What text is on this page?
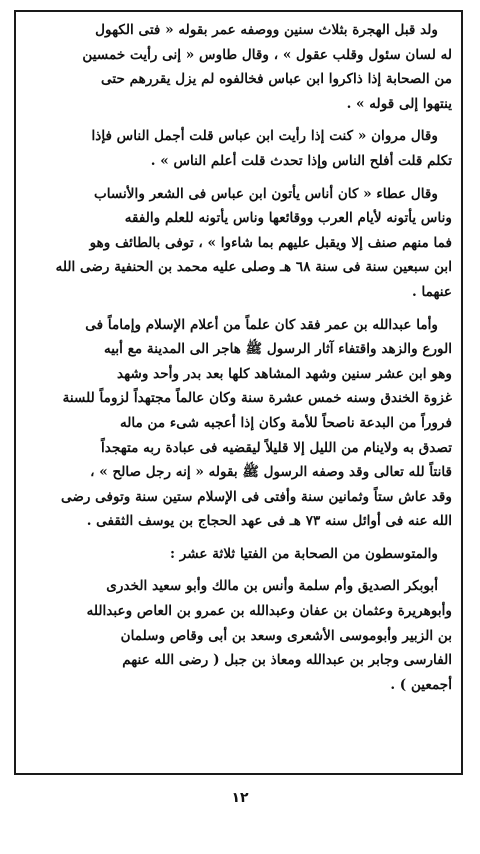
ولد قبل الهجرة بثلاث سنين ووصفه عمر بقوله « فتى الكهول
له لسان سئول وقلب عقول » ، وقال طاوس « إنى رأيت خمسين
من الصحابة إذا ذاكروا ابن عباس فخالفوه لم يزل يقررهم حتى
ينتهوا إلى قوله » .

وقال مروان « كنت إذا رأيت ابن عباس قلت أجمل الناس فإذا
تكلم قلت أفلح الناس وإذا تحدث قلت أعلم الناس » .

وقال عطاء « كان أناس يأتون ابن عباس فى الشعر والأنساب
وناس يأتونه لأيام العرب ووقائعها وناس يأتونه للعلم والفقه
فما منهم صنف إلا ويقبل عليهم بما شاءوا » ، توفى بالطائف وهو
ابن سبعين سنة فى سنة ٦٨ هـ وصلى عليه محمد بن الحنفية رضى الله
عنهما .

وأما عبدالله بن عمر فقد كان علماً من أعلام الإسلام وإماماً فى
الورع والزهد واقتفاء آثار الرسول ﷺ هاجر الى المدينة مع أبيه
وهو ابن عشر سنين وشهد المشاهد كلها بعد بدر وأحد وشهد
غزوة الخندق وسنه خمس عشرة سنة وكان عالماً مجتهداً لزوماً للسنة
فروراً من البدعة ناصحاً للأمة وكان إذا أعجبه شىء من ماله
تصدق به ولاينام من الليل إلا قليلاً ليقضيه فى عبادة ربه متهجداً
قانتاً لله تعالى وقد وصفه الرسول ﷺ بقوله « إنه رجل صالح » ،
وقد عاش ستاً وثمانين سنة وأفتى فى الإسلام ستين سنة وتوفى رضى
الله عنه فى أوائل سنه ٧٣ هـ فى عهد الحجاج بن يوسف الثقفى .

والمتوسطون من الصحابة من الفتيا ثلاثة عشر :

أبوبكر الصديق وأم سلمة وأنس بن مالك وأبو سعيد الخدرى
وأبوهريرة وعثمان بن عفان وعبدالله بن عمرو بن العاص وعبدالله
بن الزبير وأبوموسى الأشعرى وسعد بن أبى وقاص وسلمان
الفارسى وجابر بن عبدالله ومعاذ بن جبل ( رضى الله عنهم
أجمعين ) .

١٢
